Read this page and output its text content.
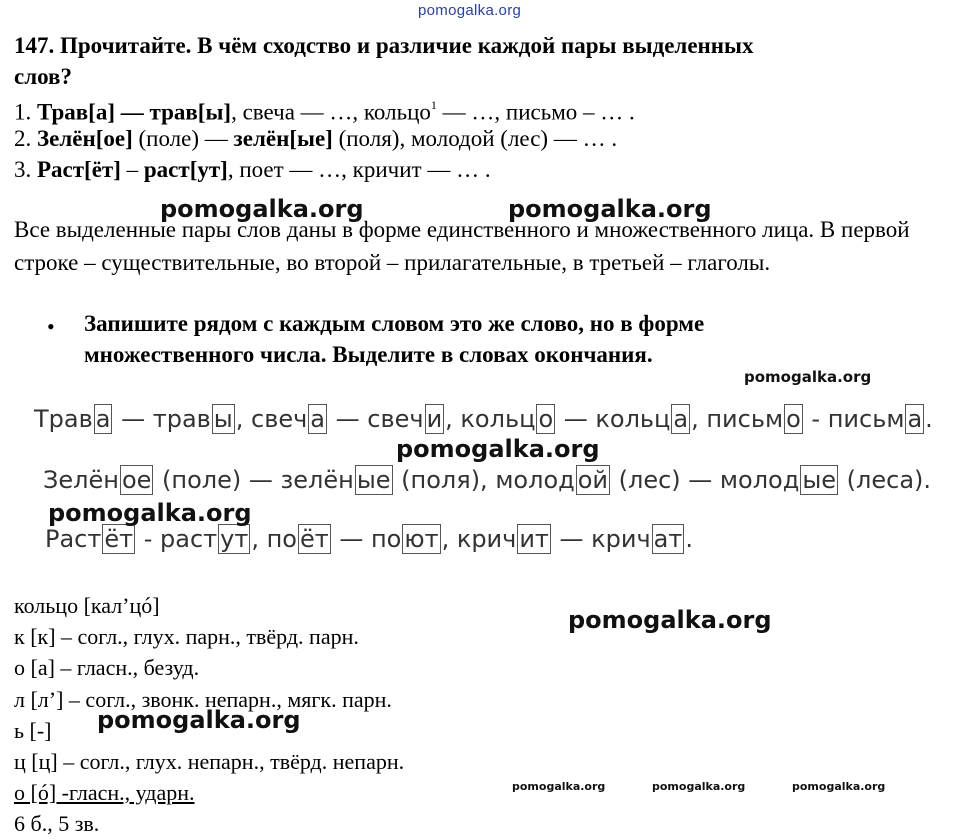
pomogalka.org
147. Прочитайте. В чём сходство и различие каждой пары выделенных
слов?
1. Трав[а] — трав[ы], свеча — …, кольцо$^1$ — …, письмо – … .
2. Зелён[ое] (поле) — зелён[ые] (поля), молодой (лес) — … .
3. Раст[ёт] – раст[ут], поет — …, кричит — … .
Все выделенные пары слов даны в форме единственного и множественного лица. В первой строке – существительные, во второй – прилагательные, в третьей – глаголы.
• Запишите рядом с каждым словом это же слово, но в форме множественного числа. Выделите в словах окончания.
Трав а — трав ы , свеч а — свеч и , кольц о — кольц а , письм о - письм а .
Зелён ое (поле) — зелён ые (поля), молод ой (лес) — молод ые (леса).
Раст ёт - раст ут , по ёт — по ют , крич ит — крич ат .
кольцо [кал’цó]
к [к] – согл., глух. парн., твёрд. парн.
о [а] – гласн., безуд.
л [л’] – согл., звонк. непарн., мягк. парн.
ь [-]
ц [ц] – согл., глух. непарн., твёрд. непарн.
о [ó] -гласн., ударн.
6 б., 5 зв.
pomogalka.org	pomogalka.org
pomogalka.org
pomogalka.org
pomogalka.org
pomogalka.org
pomogalka.org
pomogalka.org	pomogalka.org	pomogalka.org
